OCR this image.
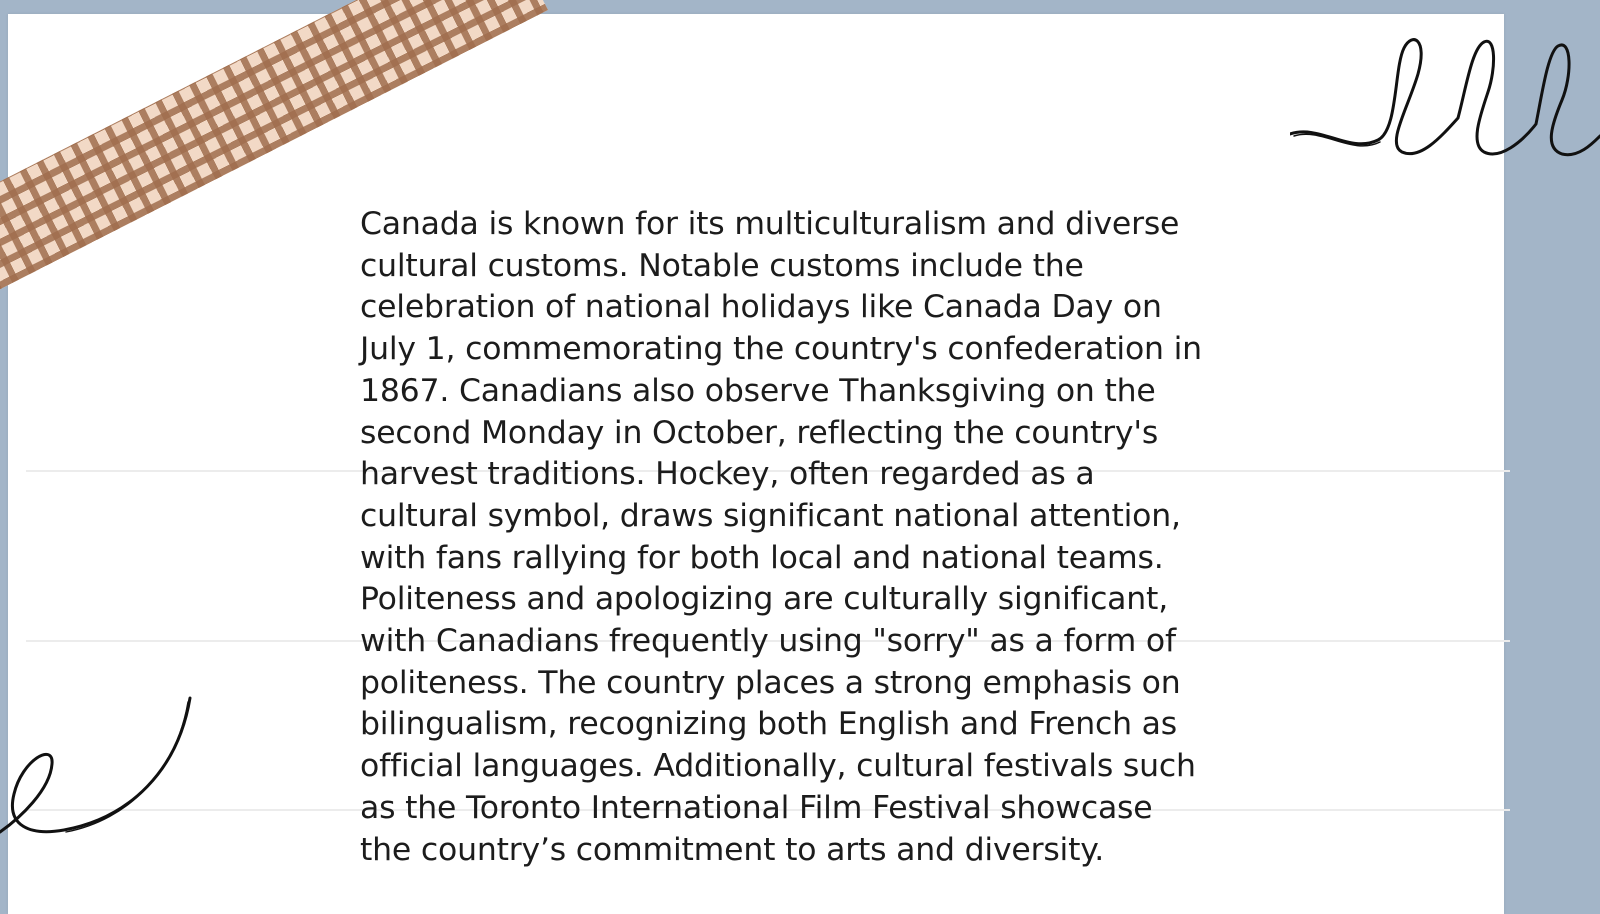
Canada is known for its multiculturalism and diverse
cultural customs. Notable customs include the
celebration of national holidays like Canada Day on
July 1, commemorating the country's confederation in
1867. Canadians also observe Thanksgiving on the
second Monday in October, reflecting the country's
harvest traditions. Hockey, often regarded as a
cultural symbol, draws significant national attention,
with fans rallying for both local and national teams.
Politeness and apologizing are culturally significant,
with Canadians frequently using "sorry" as a form of
politeness. The country places a strong emphasis on
bilingualism, recognizing both English and French as
official languages. Additionally, cultural festivals such
as the Toronto International Film Festival showcase
the country’s commitment to arts and diversity.
